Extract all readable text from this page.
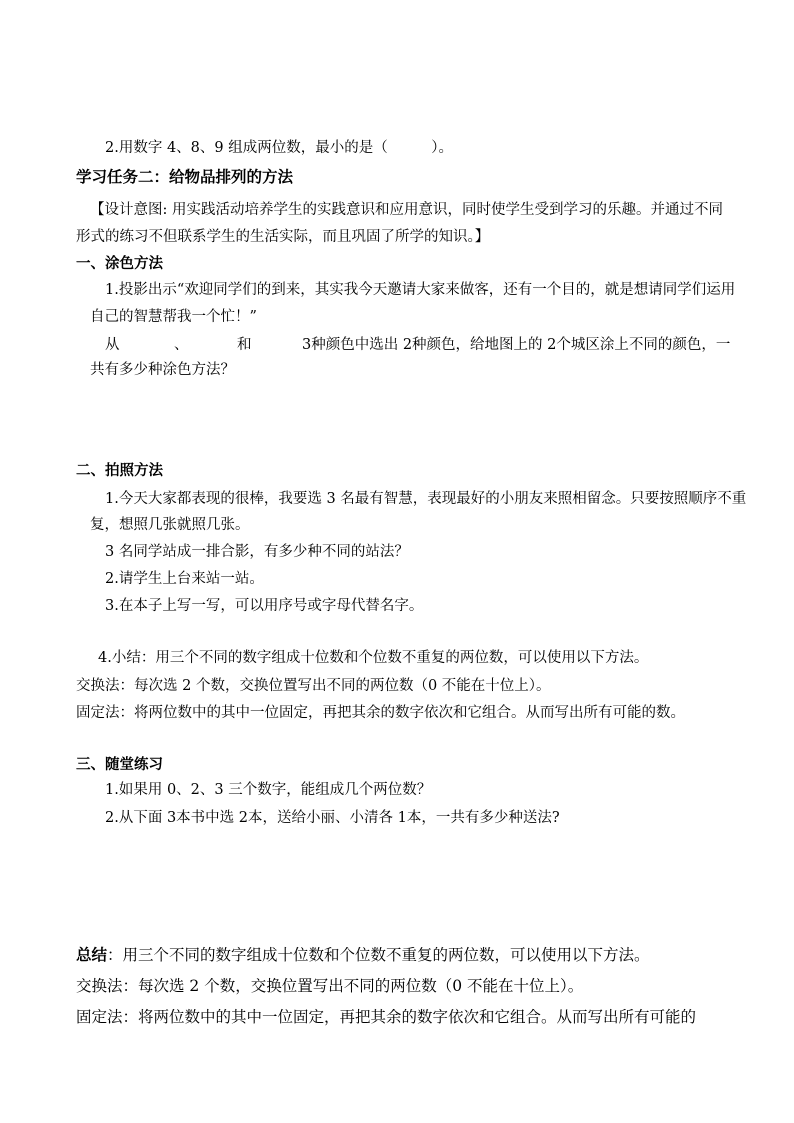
2.用数字 4、8、9 组成两位数，最小的是（　　　）。
学习任务二：给物品排列的方法
【设计意图: 用实践活动培养学生的实践意识和应用意识，同时使学生受到学习的乐趣。并通过不同
形式的练习不但联系学生的生活实际，而且巩固了所学的知识。】
一、涂色方法
1.投影出示“欢迎同学们的到来，其实我今天邀请大家来做客，还有一个目的，就是想请同学们运用
自己的智慧帮我一个忙！”
从	、	和	3种颜色中选出 2种颜色，给地图上的 2个城区涂上不同的颜色，一
共有多少种涂色方法？
二、拍照方法
1.今天大家都表现的很棒，我要选 3 名最有智慧，表现最好的小朋友来照相留念。只要按照顺序不重
复，想照几张就照几张。
3 名同学站成一排合影，有多少种不同的站法？
2.请学生上台来站一站。
3.在本子上写一写，可以用序号或字母代替名字。
4.小结：用三个不同的数字组成十位数和个位数不重复的两位数，可以使用以下方法。
交换法：每次选 2 个数，交换位置写出不同的两位数（0 不能在十位上）。
固定法：将两位数中的其中一位固定，再把其余的数字依次和它组合。从而写出所有可能的数。
三、随堂练习
1.如果用 0、2、3 三个数字，能组成几个两位数？
2.从下面 3本书中选 2本，送给小丽、小清各 1本，一共有多少种送法?
总结：用三个不同的数字组成十位数和个位数不重复的两位数，可以使用以下方法。
交换法：每次选 2 个数，交换位置写出不同的两位数（0 不能在十位上）。
固定法：将两位数中的其中一位固定，再把其余的数字依次和它组合。从而写出所有可能的
